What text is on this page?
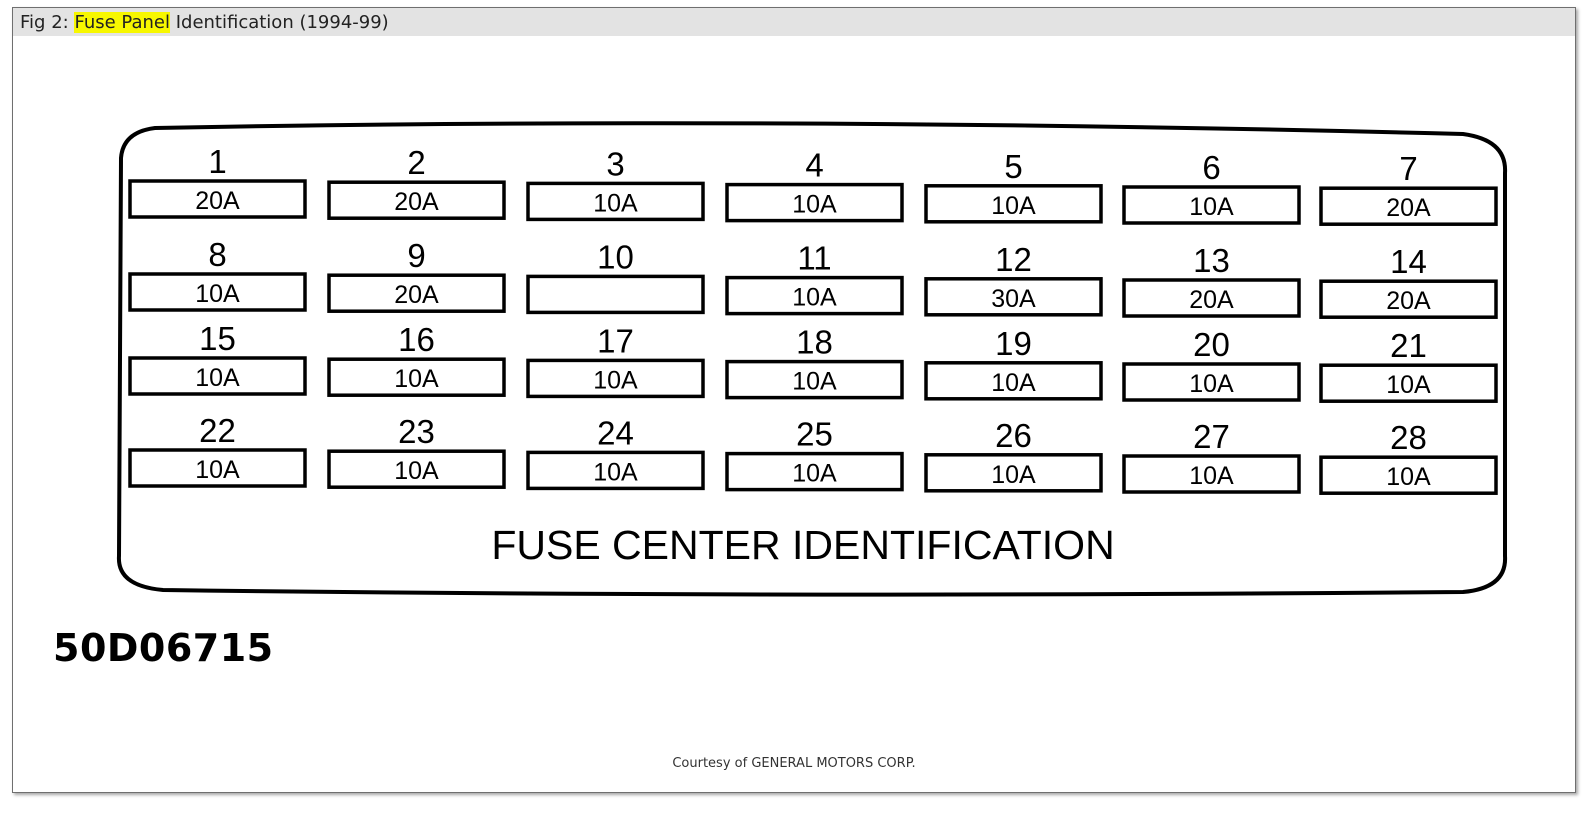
Fig 2: Fuse Panel Identification (1994-99)
1
20A
2
20A
3
10A
4
10A
5
10A
6
10A
7
20A
8
10A
9
20A
10	11
10A
12
30A
13
20A
14
20A
15
10A
16
10A
17
10A
18
10A
19
10A
20
10A
21
10A
22
10A
23
10A
24
10A
25
10A
26
10A
27
10A
28
10A
FUSE CENTER IDENTIFICATION
50D06715
Courtesy of GENERAL MOTORS CORP.
